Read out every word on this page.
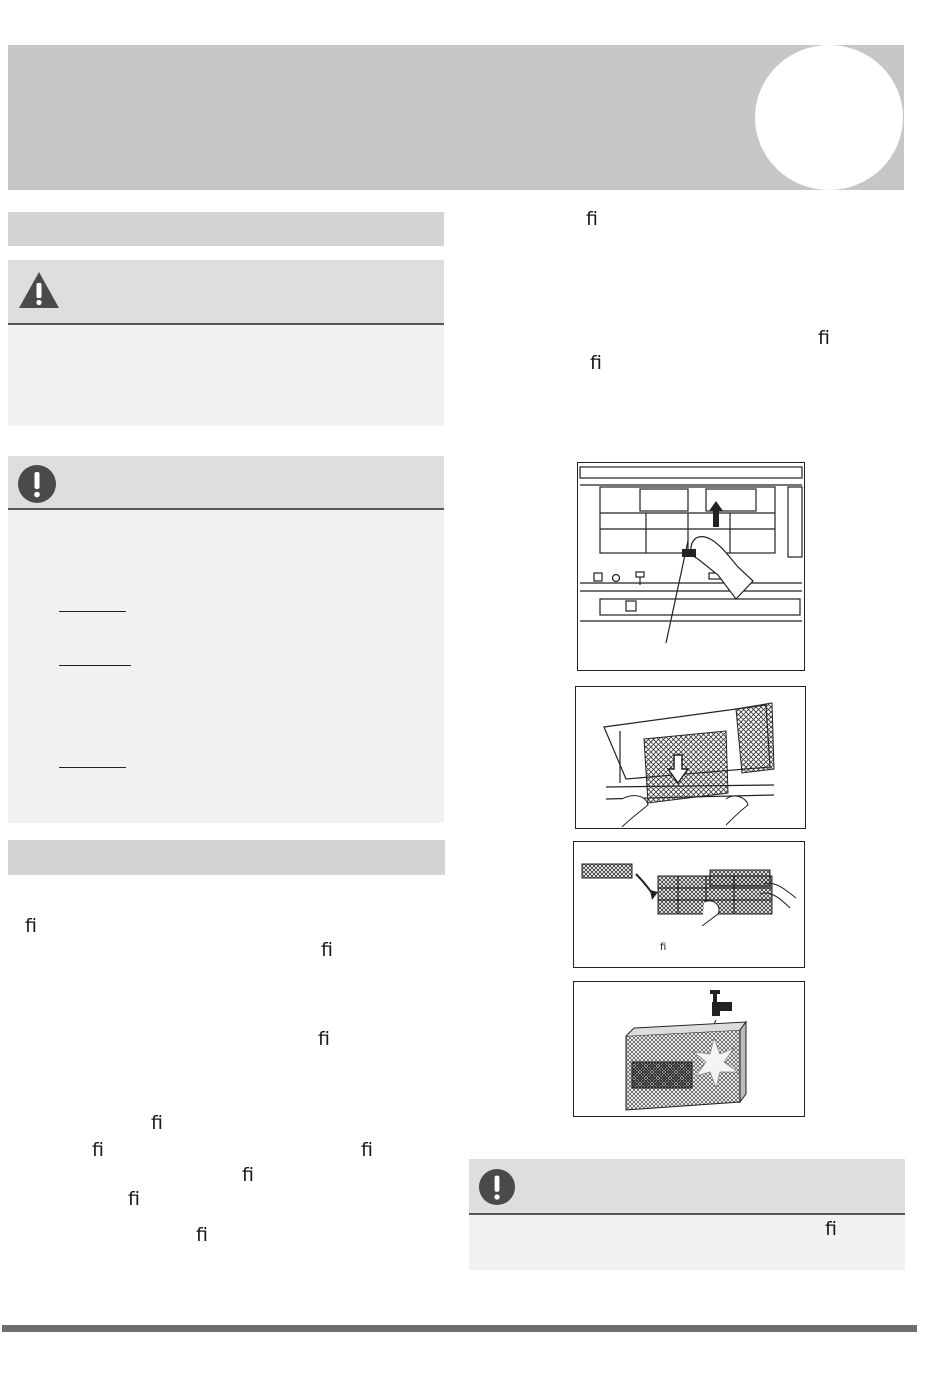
ﬁ
ﬁ
ﬁ
ﬁ
ﬁ	ﬁ
ﬁ
ﬁ
ﬁ
ﬁ
ﬁ
ﬁ
ﬁ
ﬁ
